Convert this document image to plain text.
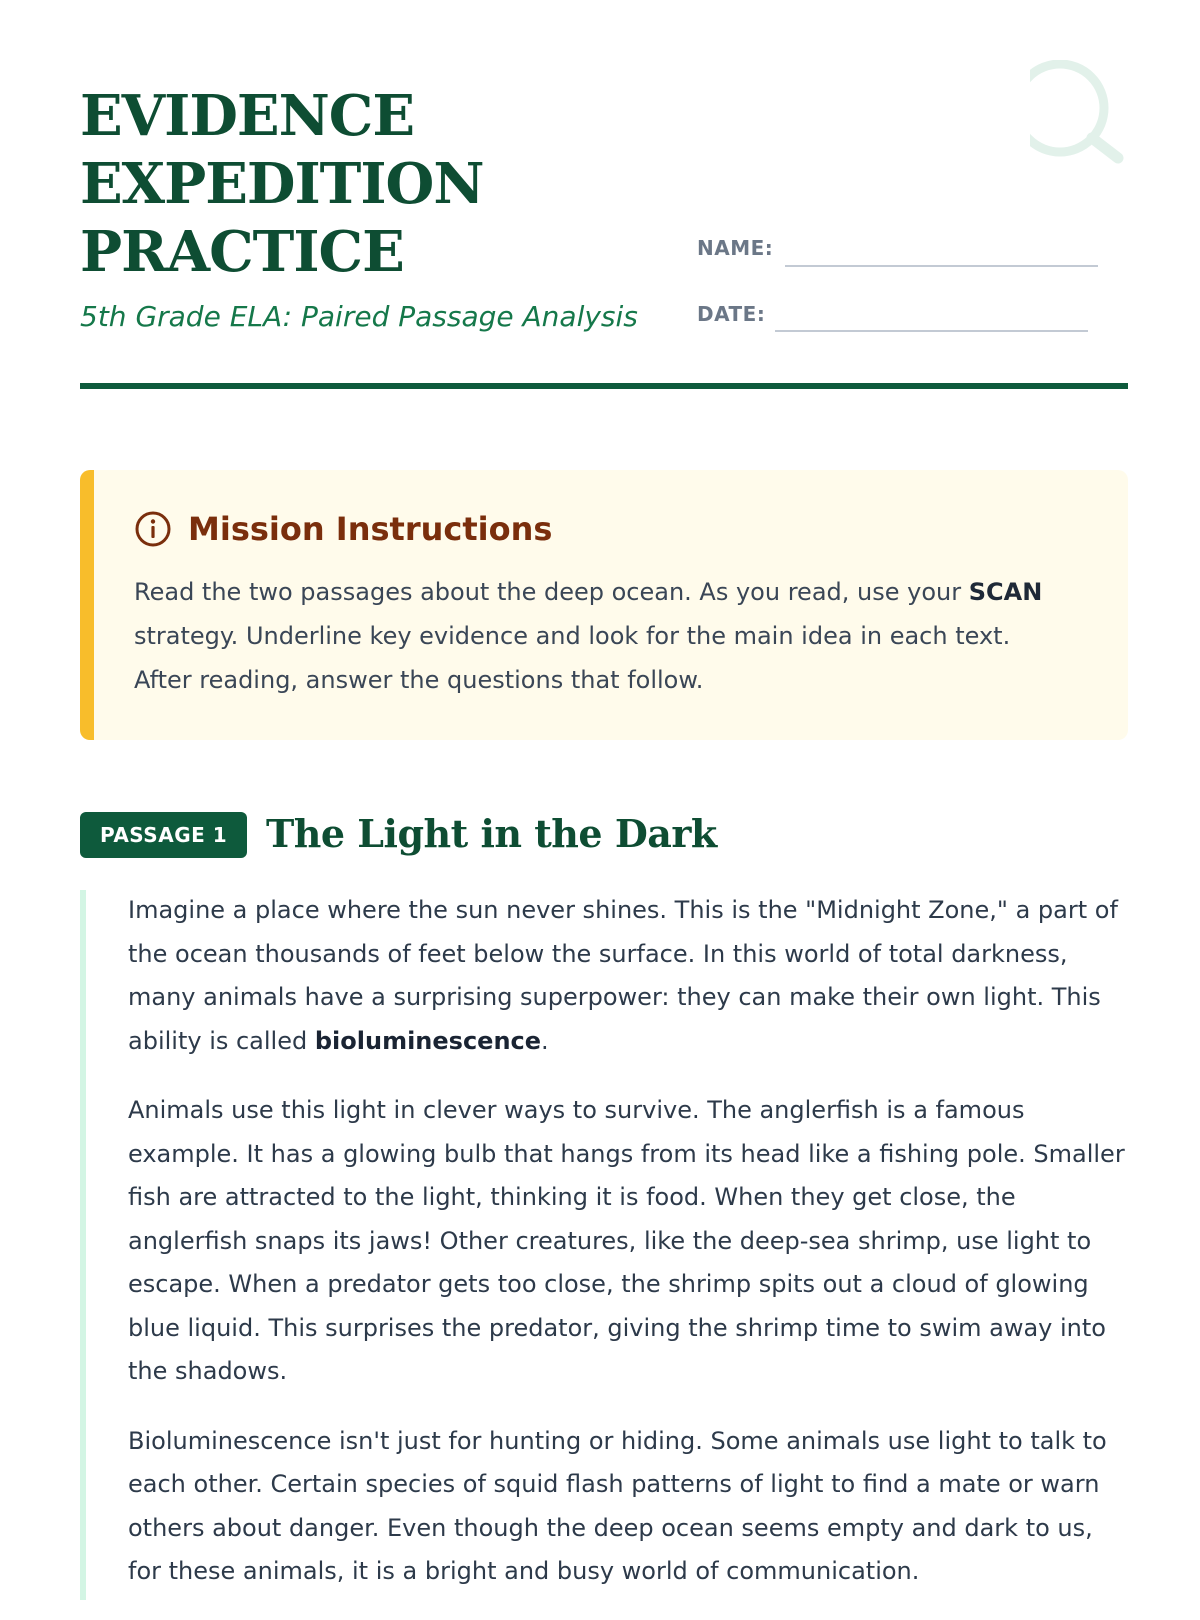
EVIDENCE
EXPEDITION
PRACTICE
5th Grade ELA: Paired Passage Analysis
NAME:
DATE:
Mission Instructions

Read the two passages about the deep ocean. As you read, use your SCAN strategy. Underline key evidence and look for the main idea in each text. After reading, answer the questions that follow.

PASSAGE 1	The Light in the Dark

Imagine a place where the sun never shines. This is the "Midnight Zone," a part of the ocean thousands of feet below the surface. In this world of total darkness, many animals have a surprising superpower: they can make their own light. This ability is called bioluminescence.

Animals use this light in clever ways to survive. The anglerfish is a famous example. It has a glowing bulb that hangs from its head like a fishing pole. Smaller fish are attracted to the light, thinking it is food. When they get close, the anglerfish snaps its jaws! Other creatures, like the deep-sea shrimp, use light to escape. When a predator gets too close, the shrimp spits out a cloud of glowing blue liquid. This surprises the predator, giving the shrimp time to swim away into the shadows.

Bioluminescence isn't just for hunting or hiding. Some animals use light to talk to each other. Certain species of squid flash patterns of light to find a mate or warn others about danger. Even though the deep ocean seems empty and dark to us, for these animals, it is a bright and busy world of communication.
